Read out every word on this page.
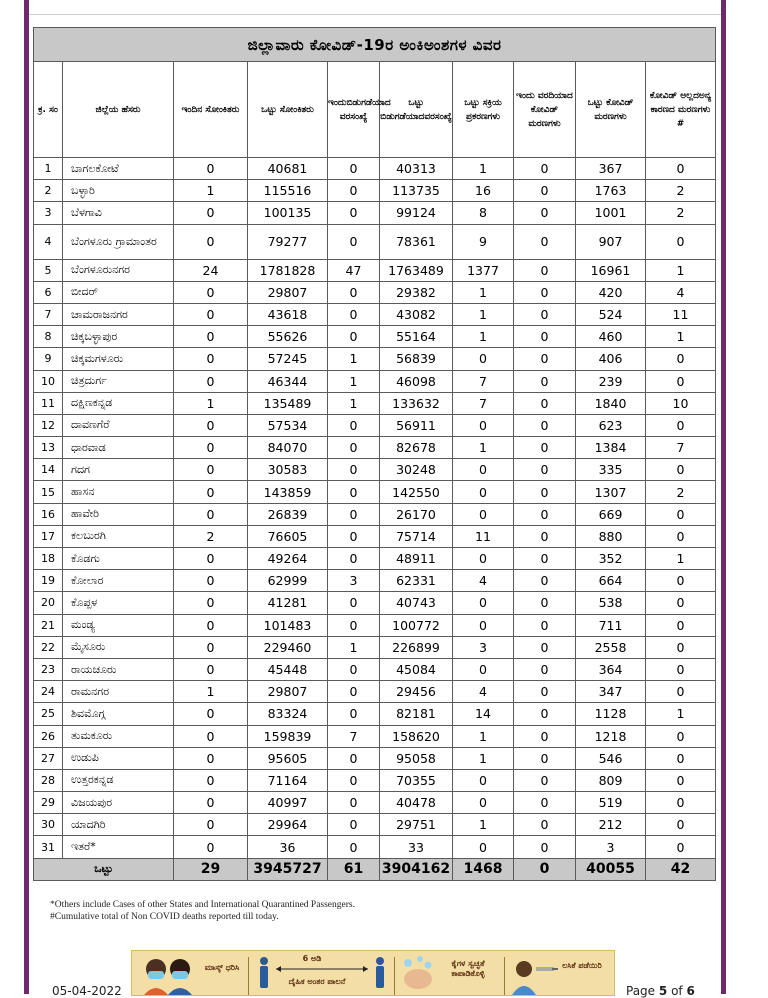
ಜಿಲ್ಲಾವಾರು ಕೋವಿಡ್-19ರ ಅಂಕಿಅಂಶಗಳ ವಿವರ									
ಕ್ರ. ಸಂ	ಜಿಲ್ಲೆಯ ಹೆಸರು	ಇಂದಿನ ಸೋಂಕಿತರು	ಒಟ್ಟು ಸೋಂಕಿತರು	ಇಂದುಬಿಡುಗಡೆಯಾದ ವರಸಂಖ್ಯೆ	ಒಟ್ಟು ಬಿಡುಗಡೆಯಾದವರಸಂಖ್ಯೆ	ಒಟ್ಟು ಸಕ್ರಿಯ ಪ್ರಕರಣಗಳು	ಇಂದು ವರದಿಯಾದ ಕೋವಿಡ್ ಮರಣಗಳು	ಒಟ್ಟು ಕೋವಿಡ್ ಮರಣಗಳು	ಕೋವಿಡ್ ಅಲ್ಲದಅನ್ಯ ಕಾರಣದ ಮರಣಗಳು #
1	ಬಾಗಲಕೋಟೆ	0	40681	0	40313	1	0	367	0
2	ಬಳ್ಳಾರಿ	1	115516	0	113735	16	0	1763	2
3	ಬೆಳಗಾವಿ	0	100135	0	99124	8	0	1001	2
4	ಬೆಂಗಳೂರು ಗ್ರಾಮಾಂತರ	0	79277	0	78361	9	0	907	0
5	ಬೆಂಗಳೂರುನಗರ	24	1781828	47	1763489	1377	0	16961	1
6	ಬೀದರ್	0	29807	0	29382	1	0	420	4
7	ಚಾಮರಾಜನಗರ	0	43618	0	43082	1	0	524	11
8	ಚಿಕ್ಕಬಳ್ಳಾಪುರ	0	55626	0	55164	1	0	460	1
9	ಚಿಕ್ಕಮಗಳೂರು	0	57245	1	56839	0	0	406	0
10	ಚಿತ್ರದುರ್ಗ	0	46344	1	46098	7	0	239	0
11	ದಕ್ಷಿಣಕನ್ನಡ	1	135489	1	133632	7	0	1840	10
12	ದಾವಣಗೆರೆ	0	57534	0	56911	0	0	623	0
13	ಧಾರವಾಡ	0	84070	0	82678	1	0	1384	7
14	ಗದಗ	0	30583	0	30248	0	0	335	0
15	ಹಾಸನ	0	143859	0	142550	0	0	1307	2
16	ಹಾವೇರಿ	0	26839	0	26170	0	0	669	0
17	ಕಲಬುರಗಿ	2	76605	0	75714	11	0	880	0
18	ಕೊಡಗು	0	49264	0	48911	0	0	352	1
19	ಕೋಲಾರ	0	62999	3	62331	4	0	664	0
20	ಕೊಪ್ಪಳ	0	41281	0	40743	0	0	538	0
21	ಮಂಡ್ಯ	0	101483	0	100772	0	0	711	0
22	ಮೈಸೂರು	0	229460	1	226899	3	0	2558	0
23	ರಾಯಚೂರು	0	45448	0	45084	0	0	364	0
24	ರಾಮನಗರ	1	29807	0	29456	4	0	347	0
25	ಶಿವಮೊಗ್ಗ	0	83324	0	82181	14	0	1128	1
26	ತುಮಕೂರು	0	159839	7	158620	1	0	1218	0
27	ಉಡುಪಿ	0	95605	0	95058	1	0	546	0
28	ಉತ್ತರಕನ್ನಡ	0	71164	0	70355	0	0	809	0
29	ವಿಜಯಪುರ	0	40997	0	40478	0	0	519	0
30	ಯಾದಗಿರಿ	0	29964	0	29751	1	0	212	0
31	ಇತರೆ*	0	36	0	33	0	0	3	0
ಒಟ್ಟು		29	3945727	61	3904162	1468	0	40055	42
*Others include Cases of other States and International Quarantined Passengers.
#Cumulative total of Non COVID deaths reported till today.
ಮಾಸ್ಕ್ ಧರಿಸಿ
6 ಅಡಿ
ದೈಹಿಕ ಅಂತರ ಪಾಲನೆ
ಕೈಗಳ ಸ್ವಚ್ಛತೆ ಕಾಪಾಡಿಕೊಳ್ಳಿ
ಲಸಿಕೆ ಪಡೆಯಿರಿ
05-04-2022	Page 5 of 6
